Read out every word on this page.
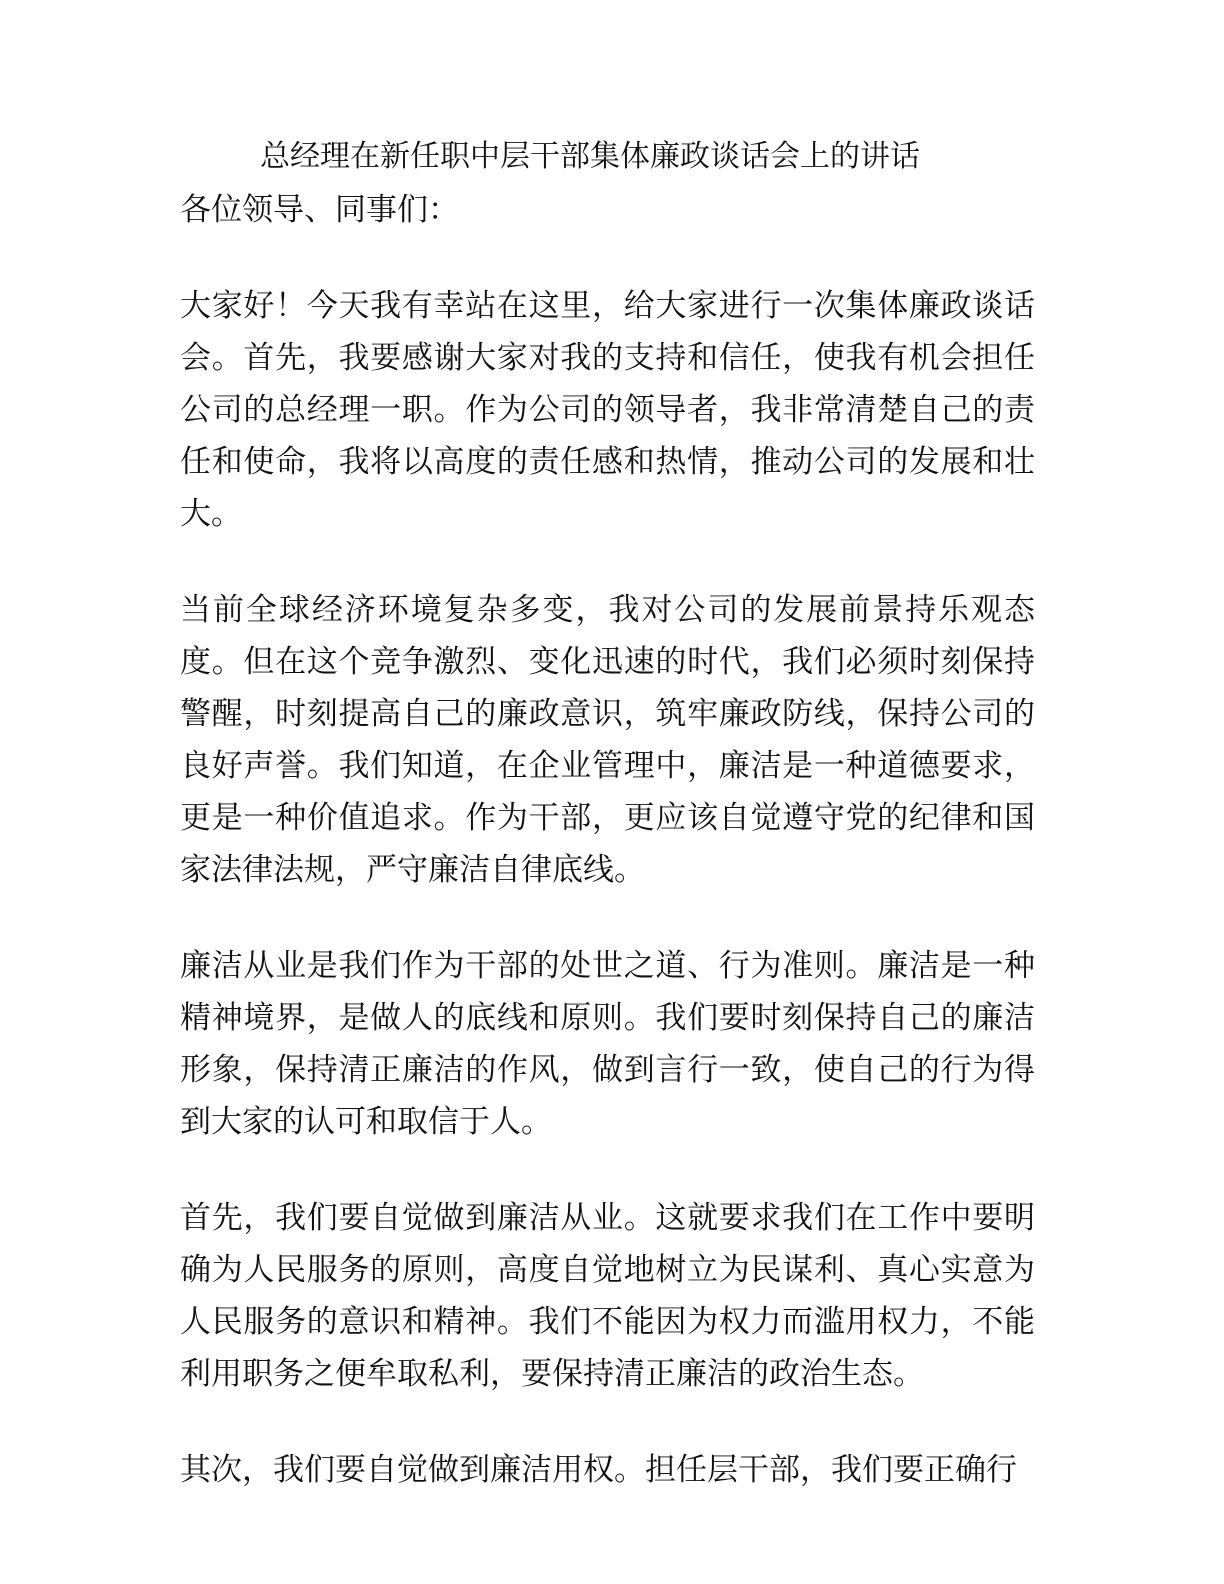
总经理在新任职中层干部集体廉政谈话会上的讲话

各位领导、同事们：

大家好！今天我有幸站在这里，给大家进行一次集体廉政谈话会。首先，我要感谢大家对我的支持和信任，使我有机会担任公司的总经理一职。作为公司的领导者，我非常清楚自己的责任和使命，我将以高度的责任感和热情，推动公司的发展和壮大。

当前全球经济环境复杂多变，我对公司的发展前景持乐观态度。但在这个竞争激烈、变化迅速的时代，我们必须时刻保持警醒，时刻提高自己的廉政意识，筑牢廉政防线，保持公司的良好声誉。我们知道，在企业管理中，廉洁是一种道德要求，更是一种价值追求。作为干部，更应该自觉遵守党的纪律和国家法律法规，严守廉洁自律底线。

廉洁从业是我们作为干部的处世之道、行为准则。廉洁是一种精神境界，是做人的底线和原则。我们要时刻保持自己的廉洁形象，保持清正廉洁的作风，做到言行一致，使自己的行为得到大家的认可和取信于人。

首先，我们要自觉做到廉洁从业。这就要求我们在工作中要明确为人民服务的原则，高度自觉地树立为民谋利、真心实意为人民服务的意识和精神。我们不能因为权力而滥用权力，不能利用职务之便牟取私利，要保持清正廉洁的政治生态。

其次，我们要自觉做到廉洁用权。担任层干部，我们要正确行
